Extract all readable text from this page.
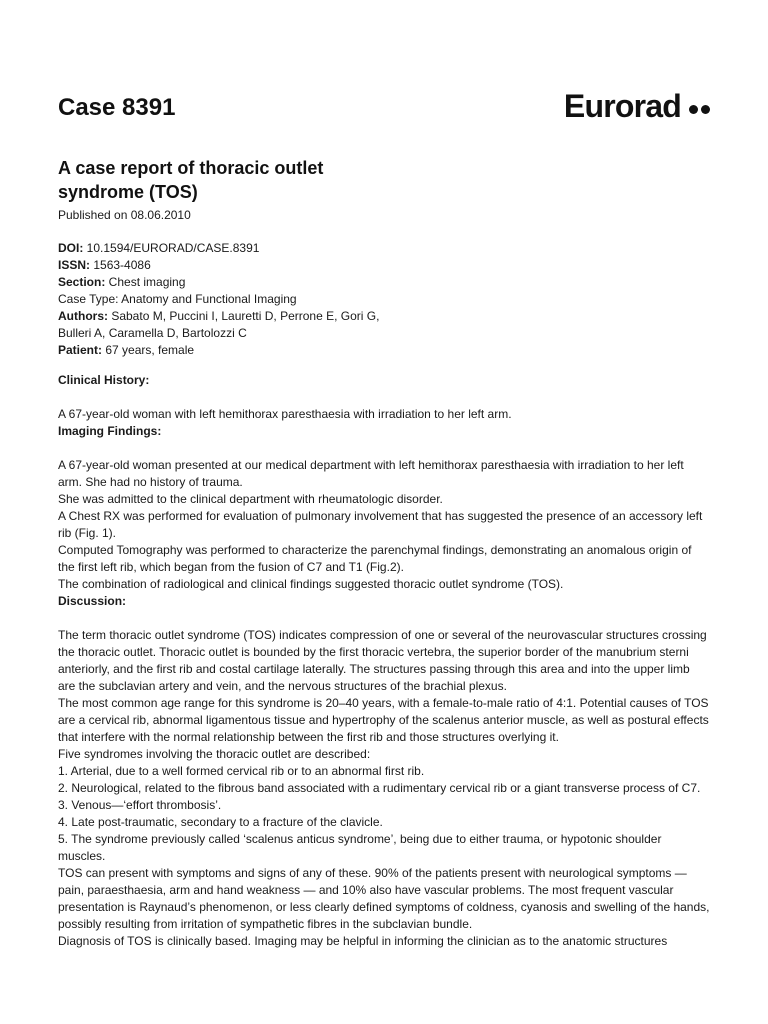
Case 8391	Eurorad
A case report of thoracic outlet syndrome (TOS)

Published on 08.06.2010

DOI: 10.1594/EURORAD/CASE.8391

ISSN: 1563-4086

Section: Chest imaging

Case Type: Anatomy and Functional Imaging

Authors: Sabato M, Puccini I, Lauretti D, Perrone E, Gori G, Bulleri A, Caramella D, Bartolozzi C

Patient: 67 years, female

Clinical History:

A 67-year-old woman with left hemithorax paresthaesia with irradiation to her left arm.

Imaging Findings:

A 67-year-old woman presented at our medical department with left hemithorax paresthaesia with irradiation to her left arm. She had no history of trauma.

She was admitted to the clinical department with rheumatologic disorder.

A Chest RX was performed for evaluation of pulmonary involvement that has suggested the presence of an accessory left rib (Fig. 1).

Computed Tomography was performed to characterize the parenchymal findings, demonstrating an anomalous origin of the first left rib, which began from the fusion of C7 and T1 (Fig.2).

The combination of radiological and clinical findings suggested thoracic outlet syndrome (TOS).

Discussion:

The term thoracic outlet syndrome (TOS) indicates compression of one or several of the neurovascular structures crossing the thoracic outlet. Thoracic outlet is bounded by the first thoracic vertebra, the superior border of the manubrium sterni anteriorly, and the first rib and costal cartilage laterally. The structures passing through this area and into the upper limb are the subclavian artery and vein, and the nervous structures of the brachial plexus.

The most common age range for this syndrome is 20–40 years, with a female-to-male ratio of 4:1. Potential causes of TOS are a cervical rib, abnormal ligamentous tissue and hypertrophy of the scalenus anterior muscle, as well as postural effects that interfere with the normal relationship between the first rib and those structures overlying it.

Five syndromes involving the thoracic outlet are described:

1. Arterial, due to a well formed cervical rib or to an abnormal first rib.

2. Neurological, related to the fibrous band associated with a rudimentary cervical rib or a giant transverse process of C7.

3. Venous—‘effort thrombosis’.

4. Late post-traumatic, secondary to a fracture of the clavicle.

5. The syndrome previously called ‘scalenus anticus syndrome’, being due to either trauma, or hypotonic shoulder muscles.

TOS can present with symptoms and signs of any of these. 90% of the patients present with neurological symptoms — pain, paraesthaesia, arm and hand weakness — and 10% also have vascular problems. The most frequent vascular presentation is Raynaud’s phenomenon, or less clearly defined symptoms of coldness, cyanosis and swelling of the hands, possibly resulting from irritation of sympathetic fibres in the subclavian bundle.

Diagnosis of TOS is clinically based. Imaging may be helpful in informing the clinician as to the anatomic structures
